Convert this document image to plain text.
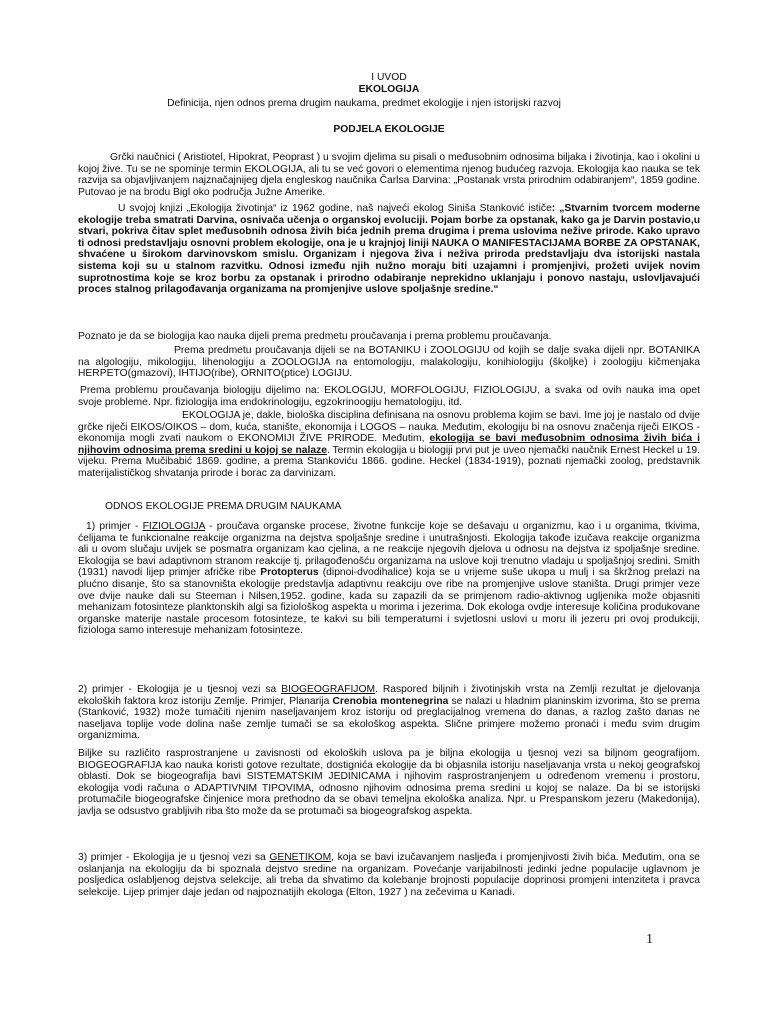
I UVOD
EKOLOGIJA
Definicija, njen odnos prema drugim naukama, predmet ekologije i njen istorijski razvoj
PODJELA EKOLOGIJE

Grčki naučnici ( Aristiotel, Hipokrat, Peoprast ) u svojim djelima su pisali o međusobnim odnosima biljaka i životinja, kao i okolini u kojoj žive. Tu se ne spominje termin EKOLOGIJA, ali tu se već govori o elementima njenog budućeg razvoja. Ekologija kao nauka se tek razvija sa objavljivanjem najznačajnijeg djela engleskog naučnika Čarlsa Darvina: „Postanak vrsta prirodnim odabiranjem“, 1859 godine. Putovao je na brodu Bigl oko područja Južne Amerike.

U svojoj knjizi „Ekologija životinja“ iz 1962 godine, naš najveći ekolog Siniša Stanković ističe: „Stvarnim tvorcem moderne ekologije treba smatrati Darvina, osnivača učenja o organskoj evoluciji. Pojam borbe za opstanak, kako ga je Darvin postavio,u stvari, pokriva čitav splet međusobnih odnosa živih bića jednih prema drugima i prema uslovima nežive prirode. Kako upravo ti odnosi predstavljaju osnovni problem ekologije, ona je u krajnjoj liniji NAUKA O MANIFESTACIJAMA BORBE ZA OPSTANAK, shvaćene u širokom darvinovskom smislu. Organizam i njegova živa i neživa priroda predstavljaju dva istorijski nastala sistema koji su u stalnom razvitku. Odnosi između njih nužno moraju biti uzajamni i promjenjivi, prožeti uvijek novim suprotnostima koje se kroz borbu za opstanak i prirodno odabiranje neprekidno uklanjaju i ponovo nastaju, uslovljavajući proces stalnog prilagođavanja organizama na promjenjive uslove spoljašnje sredine.“

Poznato je da se biologija kao nauka dijeli prema predmetu proučavanja i prema problemu proučavanja.

Prema predmetu proučavanja dijeli se na BOTANIKU i ZOOLOGIJU od kojih se dalje svaka dijeli npr. BOTANIKA na algologiju, mikologiju, lihenologiju a ZOOLOGIJA na entomologiju, malakologiju, konihiologiju (školjke) i zoologiju kičmenjaka HERPETO(gmazovi), IHTIJO(ribe), ORNITO(ptice) LOGIJU.

Prema problemu proučavanja biologiju dijelimo na: EKOLOGIJU, MORFOLOGIJU, FIZIOLOGIJU, a svaka od ovih nauka ima opet svoje probleme. Npr. fiziologija ima endokrinologiju, egzokrinoogiju hematologiju, itd.

EKOLOGIJA je, dakle, biološka disciplina definisana na osnovu problema kojim se bavi. Ime joj je nastalo od dvije grčke riječi EIKOS/OIKOS – dom, kuća, stanište, ekonomija i LOGOS – nauka. Međutim, ekologiju bi na osnovu značenja riječi EIKOS - ekonomija mogli zvati naukom o EKONOMIJI ŽIVE PRIRODE. Međutim, ekologija se bavi međusobnim odnosima živih bića i njihovim odnosima prema sredini u kojoj se nalaze. Termin ekologija u biologiji prvi put je uveo njemački naučnik Ernest Heckel u 19. vijeku. Prema Mučibabić 1869. godine, a prema Stankoviću 1866. godine. Heckel (1834-1919), poznati njemački zoolog, predstavnik materijalističkog shvatanja prirode i borac za darvinizam.

ODNOS EKOLOGIJE PREMA DRUGIM NAUKAMA

1) primjer - FIZIOLOGIJA - proučava organske procese, životne funkcije koje se dešavaju u organizmu, kao i u organima, tkivima, ćelijama te funkcionalne reakcije organizma na dejstva spoljašnje sredine i unutrašnjosti. Ekologija takođe izučava reakcije organizma ali u ovom slučaju uvijek se posmatra organizam kao cjelina, a ne reakcije njegovih djelova u odnosu na dejstva iz spoljašnje sredine. Ekologija se bavi adaptivnom stranom reakcije tj. prilagođenošću organizama na uslove koji trenutno vladaju u spoljašnjoj sredini. Smith (1931) navodi lijep primjer afričke ribe Protopterus (dipnoi-dvodihalice) koja se u vrijeme suše ukopa u mulj i sa škržnog prelazi na plućno disanje, što sa stanovništa ekologije predstavlja adaptivnu reakciju ove ribe na promjenjive uslove staništa. Drugi primjer vezе ove dvije nauke dali su Steeman i Nilsen,1952. godine, kada su zapazili da se primjenom radio-aktivnog ugljenika može objasniti mehanizam fotosinteze planktonskih algi sa fiziološkog aspekta u morima i jezerima. Dok ekologa ovdje interesuje količina produkovane organske materije nastale procesom fotosinteze, te kakvi su bili temperaturni i svjetlosni uslovi u moru ili jezeru pri ovoj produkciji, fiziologa samo interesuje mehanizam fotosinteze.

2) primjer - Ekologija je u tjesnoj vezi sa BIOGEOGRAFIJOM. Raspored biljnih i životinjskih vrsta na Zemlji rezultat je djelovanja ekoloških faktora kroz istoriju Zemlje. Primjer, Planarija Crenobia montenegrina se nalazi u hladnim planinskim izvorima, što se prema (Stanković, 1932) može tumačiti njenim naseljavanjem kroz istoriju od preglacijalnog vremena do danas, a razlog zašto danas ne naseljava toplije vode dolina naše zemlje tumači se sa ekološkog aspekta. Slične primjere možemo pronaći i među svim drugim organizmima.

Biljke su različito rasprostranjene u zavisnosti od ekoloških uslova pa je biljna ekologija u tjesnoj vezi sa biljnom geografijom. BIOGEOGRAFIJA kao nauka koristi gotove rezultate, dostignića ekologije da bi objasnila istoriju naseljavanja vrsta u nekoj geografskoj oblasti. Dok se biogeografija bavi SISTEMATSKIM JEDINICAMA i njihovim rasprostranjenjem u određenom vremenu i prostoru, ekologija vodi računa o ADAPTIVNIM TIPOVIMA, odnosno njihovim odnosima prema sredini u kojoj se nalaze. Da bi se istorijski protumačile biogeografske činjenice mora prethodno da se obavi temeljna ekološka analiza. Npr. u Prespanskom jezeru (Makedonija), javlja se odsustvo grabljivih riba što može da se protumači sa biogeografskog aspekta.

3) primjer - Ekologija je u tjesnoj vezi sa GENETIKOM, koja se bavi izučavanjem nasljeđa i promjenjivosti živih bića. Međutim, ona se oslanjanja na ekologiju da bi spoznala dejstvo sredine na organizam. Povećanje varijabilnosti jedinki jedne populacije uglavnom je posljedica oslabljenog dejstva selekcije, ali treba da shvatimo da kolebanje brojnosti populacije doprinosi promjeni intenziteta i pravca selekcije. Lijep primjer daje jedan od najpoznatijih ekologa (Elton, 1927 ) na zečevima u Kanadi.

1
